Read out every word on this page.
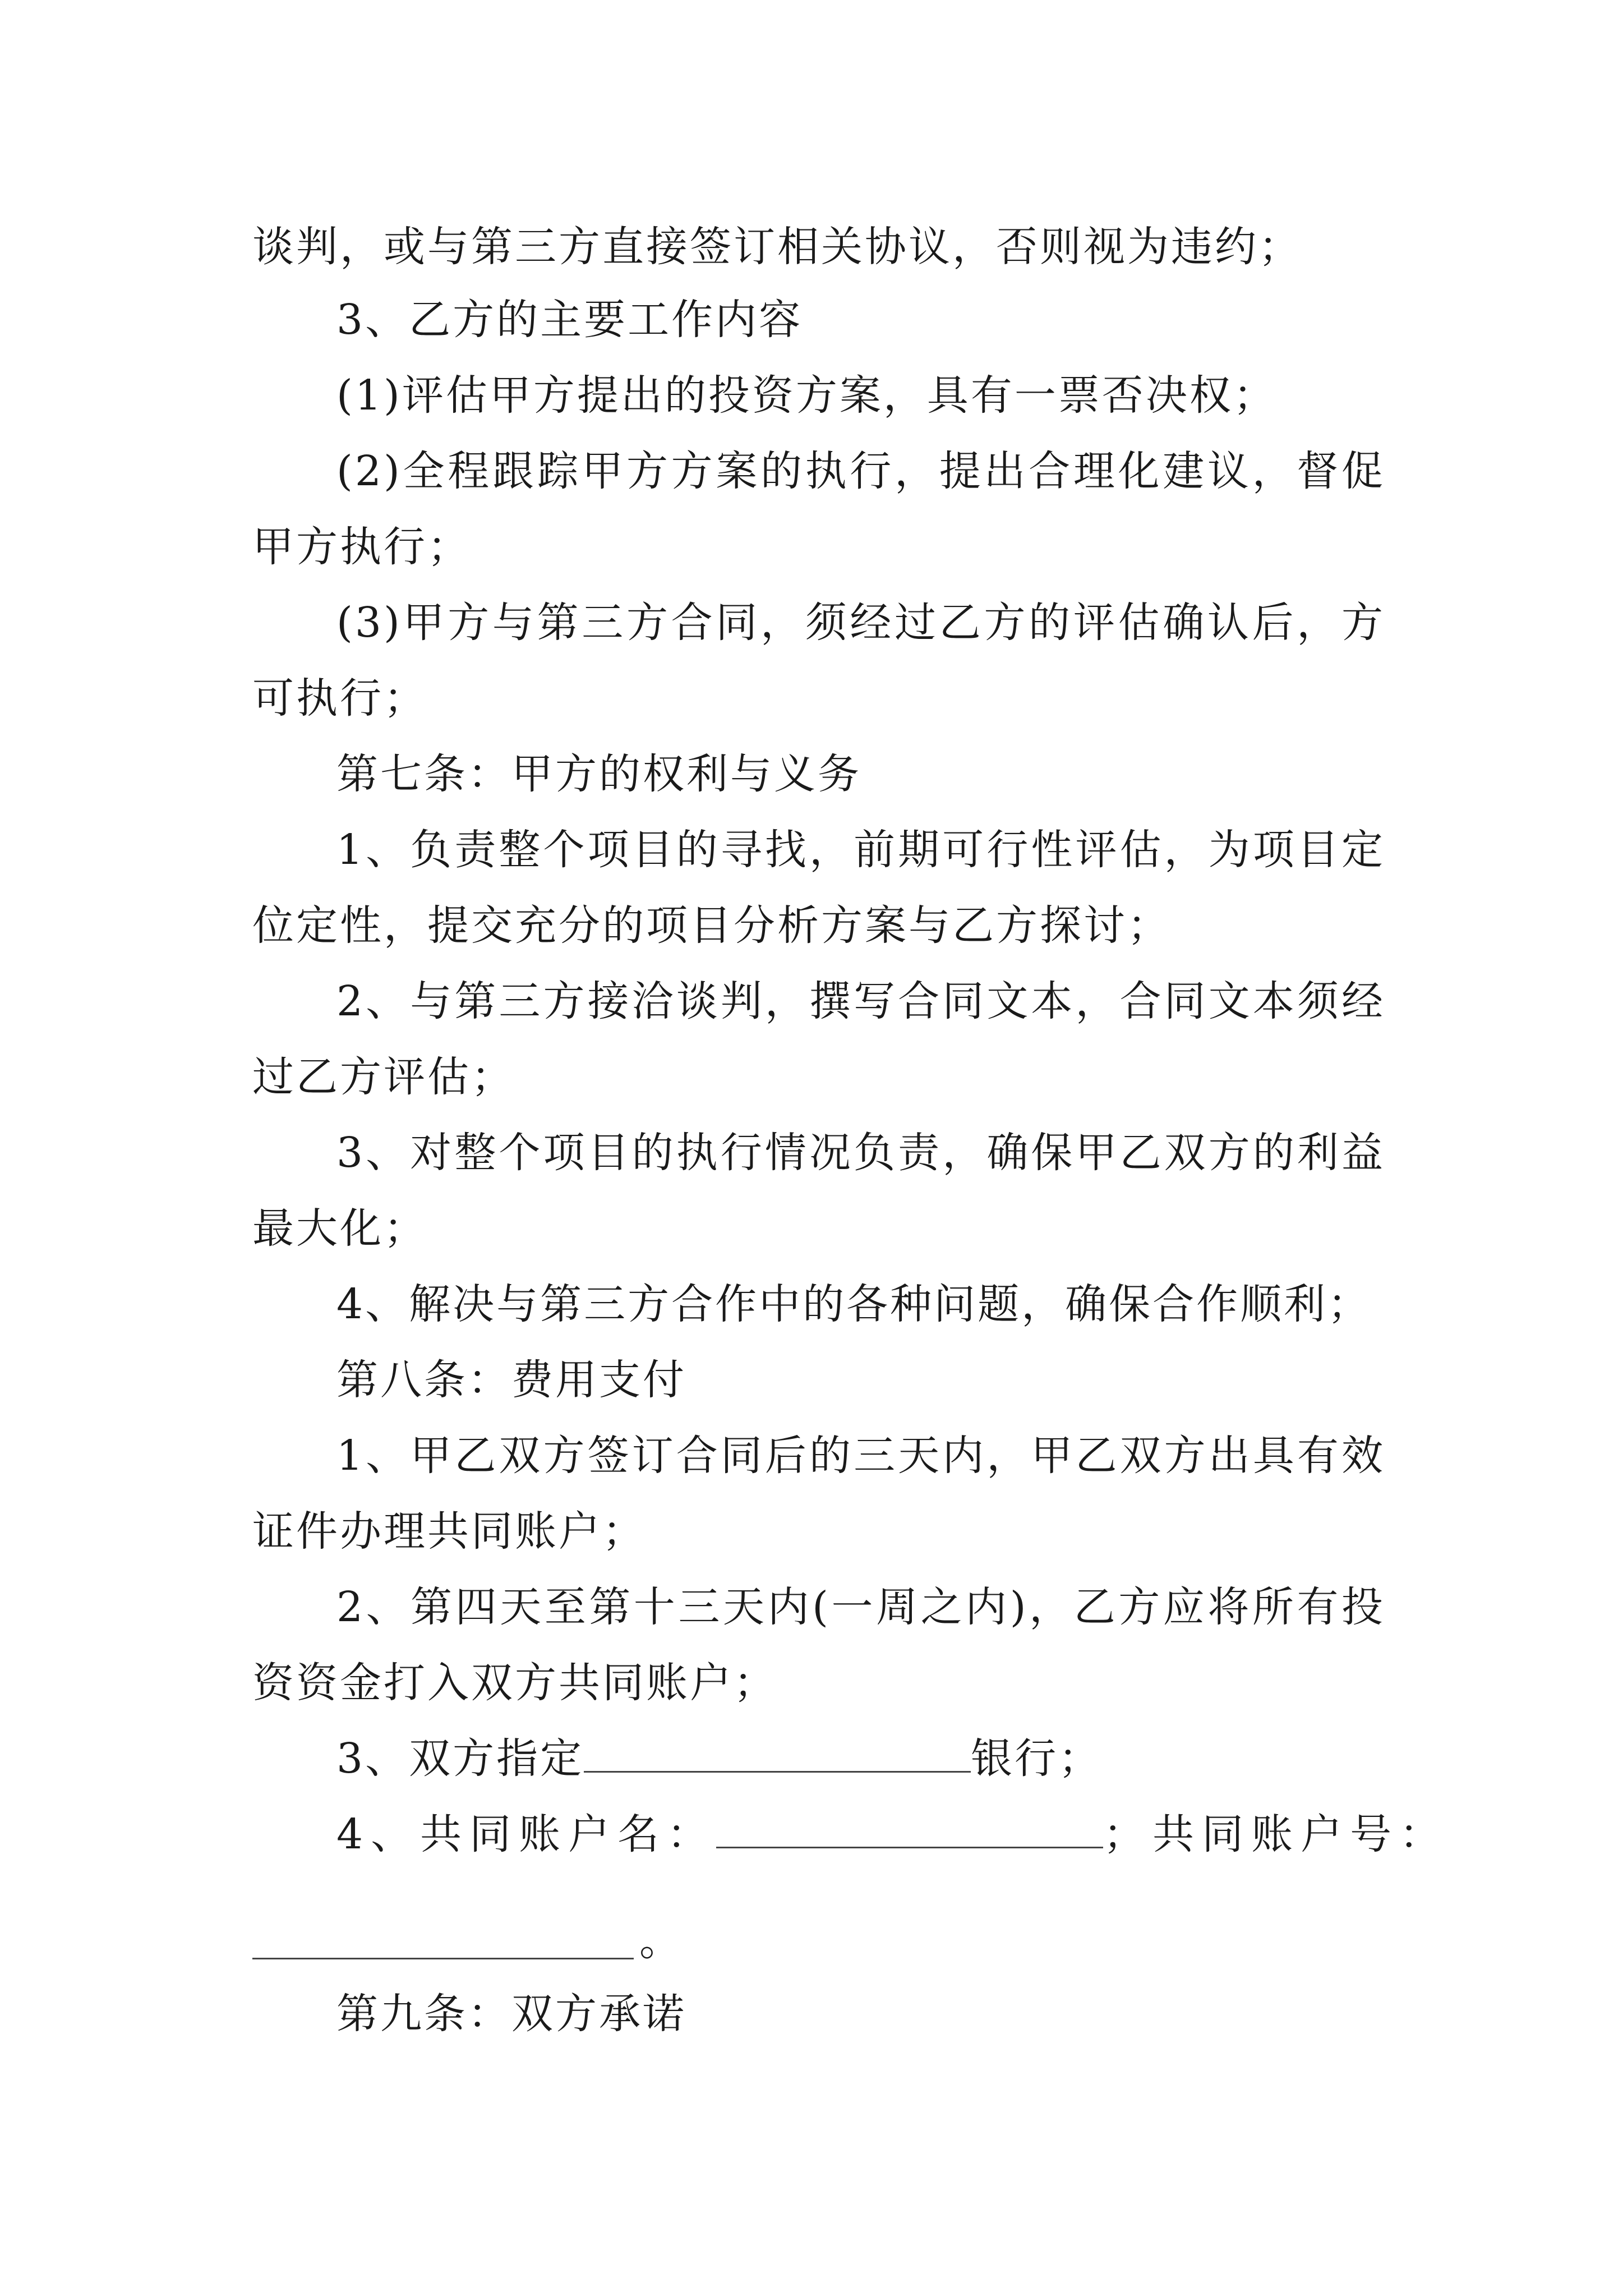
谈判，或与第三方直接签订相关协议，否则视为违约；
3、乙方的主要工作内容
(1)评估甲方提出的投资方案，具有一票否决权；
(2)全程跟踪甲方方案的执行，提出合理化建议，督促
甲方执行；
(3)甲方与第三方合同，须经过乙方的评估确认后，方
可执行；
第七条：甲方的权利与义务
1、负责整个项目的寻找，前期可行性评估，为项目定
位定性，提交充分的项目分析方案与乙方探讨；
2、与第三方接洽谈判，撰写合同文本，合同文本须经
过乙方评估；
3、对整个项目的执行情况负责，确保甲乙双方的利益
最大化；
4、解决与第三方合作中的各种问题，确保合作顺利；
第八条：费用支付
1、甲乙双方签订合同后的三天内，甲乙双方出具有效
证件办理共同账户；
2、第四天至第十三天内(一周之内)，乙方应将所有投
资资金打入双方共同账户；
3、双方指定	银行；
4、共同账户名：	；共同账户号：
。
第九条：双方承诺
